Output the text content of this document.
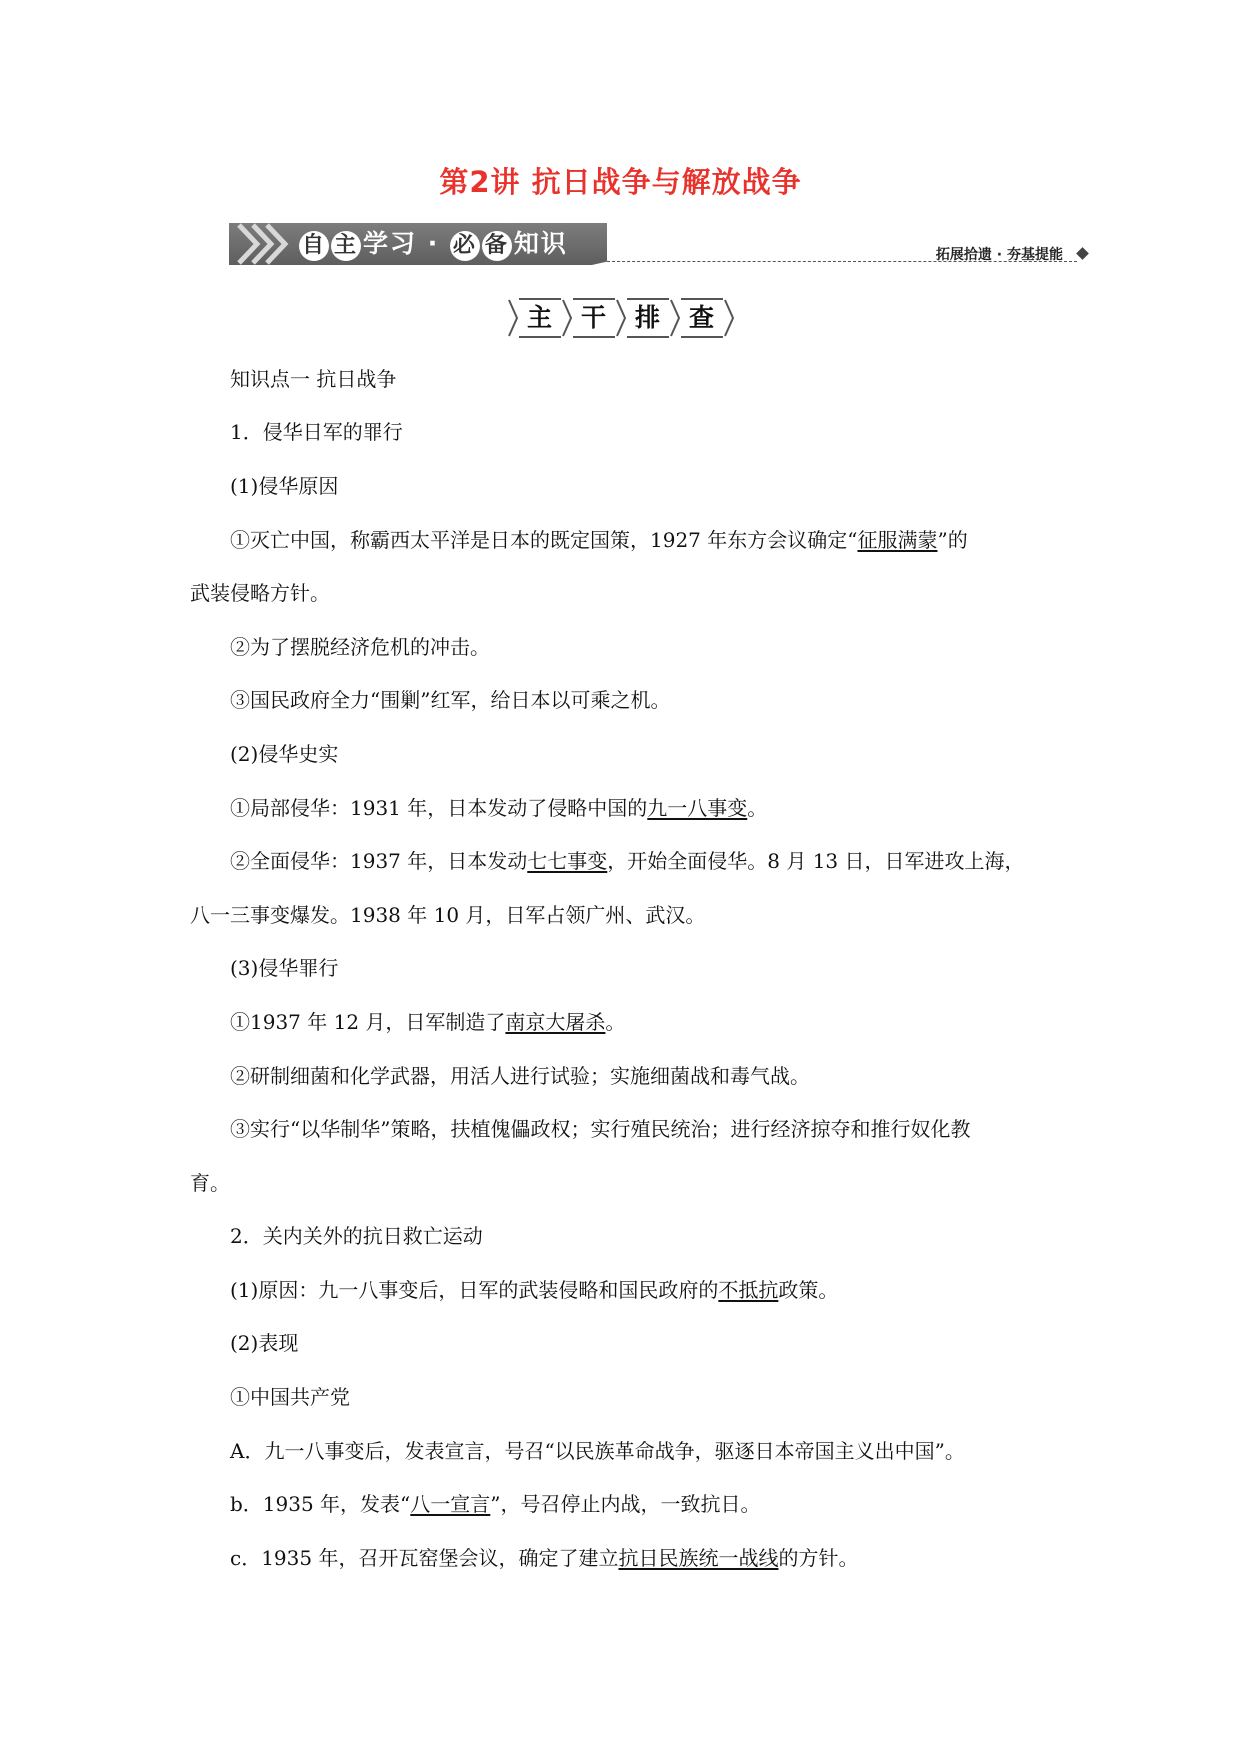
第2讲 抗日战争与解放战争
自 主 学习 · 必 备 知识	拓展拾遗 · 夯基提能
主	干	排	查

知识点一 抗日战争

1．侵华日军的罪行

(1)侵华原因

①灭亡中国，称霸西太平洋是日本的既定国策，1927 年东方会议确定“ 征服满蒙 ”的

武装侵略方针。

②为了摆脱经济危机的冲击。

③国民政府全力“围剿”红军，给日本以可乘之机。

(2)侵华史实

①局部侵华：1931 年，日本发动了侵略中国的 九一八事变 。

②全面侵华：1937 年，日本发动 七七事变 ，开始全面侵华。8 月 13 日，日军进攻上海，

八一三事变爆发。1938 年 10 月，日军占领广州、武汉。

(3)侵华罪行

①1937 年 12 月，日军制造了 南京大屠杀 。

②研制细菌和化学武器，用活人进行试验；实施细菌战和毒气战。

③实行“以华制华”策略，扶植傀儡政权；实行殖民统治；进行经济掠夺和推行奴化教

育。

2．关内关外的抗日救亡运动

(1)原因：九一八事变后，日军的武装侵略和国民政府的 不抵抗 政策。

(2)表现

①中国共产党

A．九一八事变后，发表宣言，号召“以民族革命战争，驱逐日本帝国主义出中国”。

b．1935 年，发表“ 八一宣言 ”，号召停止内战，一致抗日。

c．1935 年，召开瓦窑堡会议，确定了建立 抗日民族统一战线 的方针。
